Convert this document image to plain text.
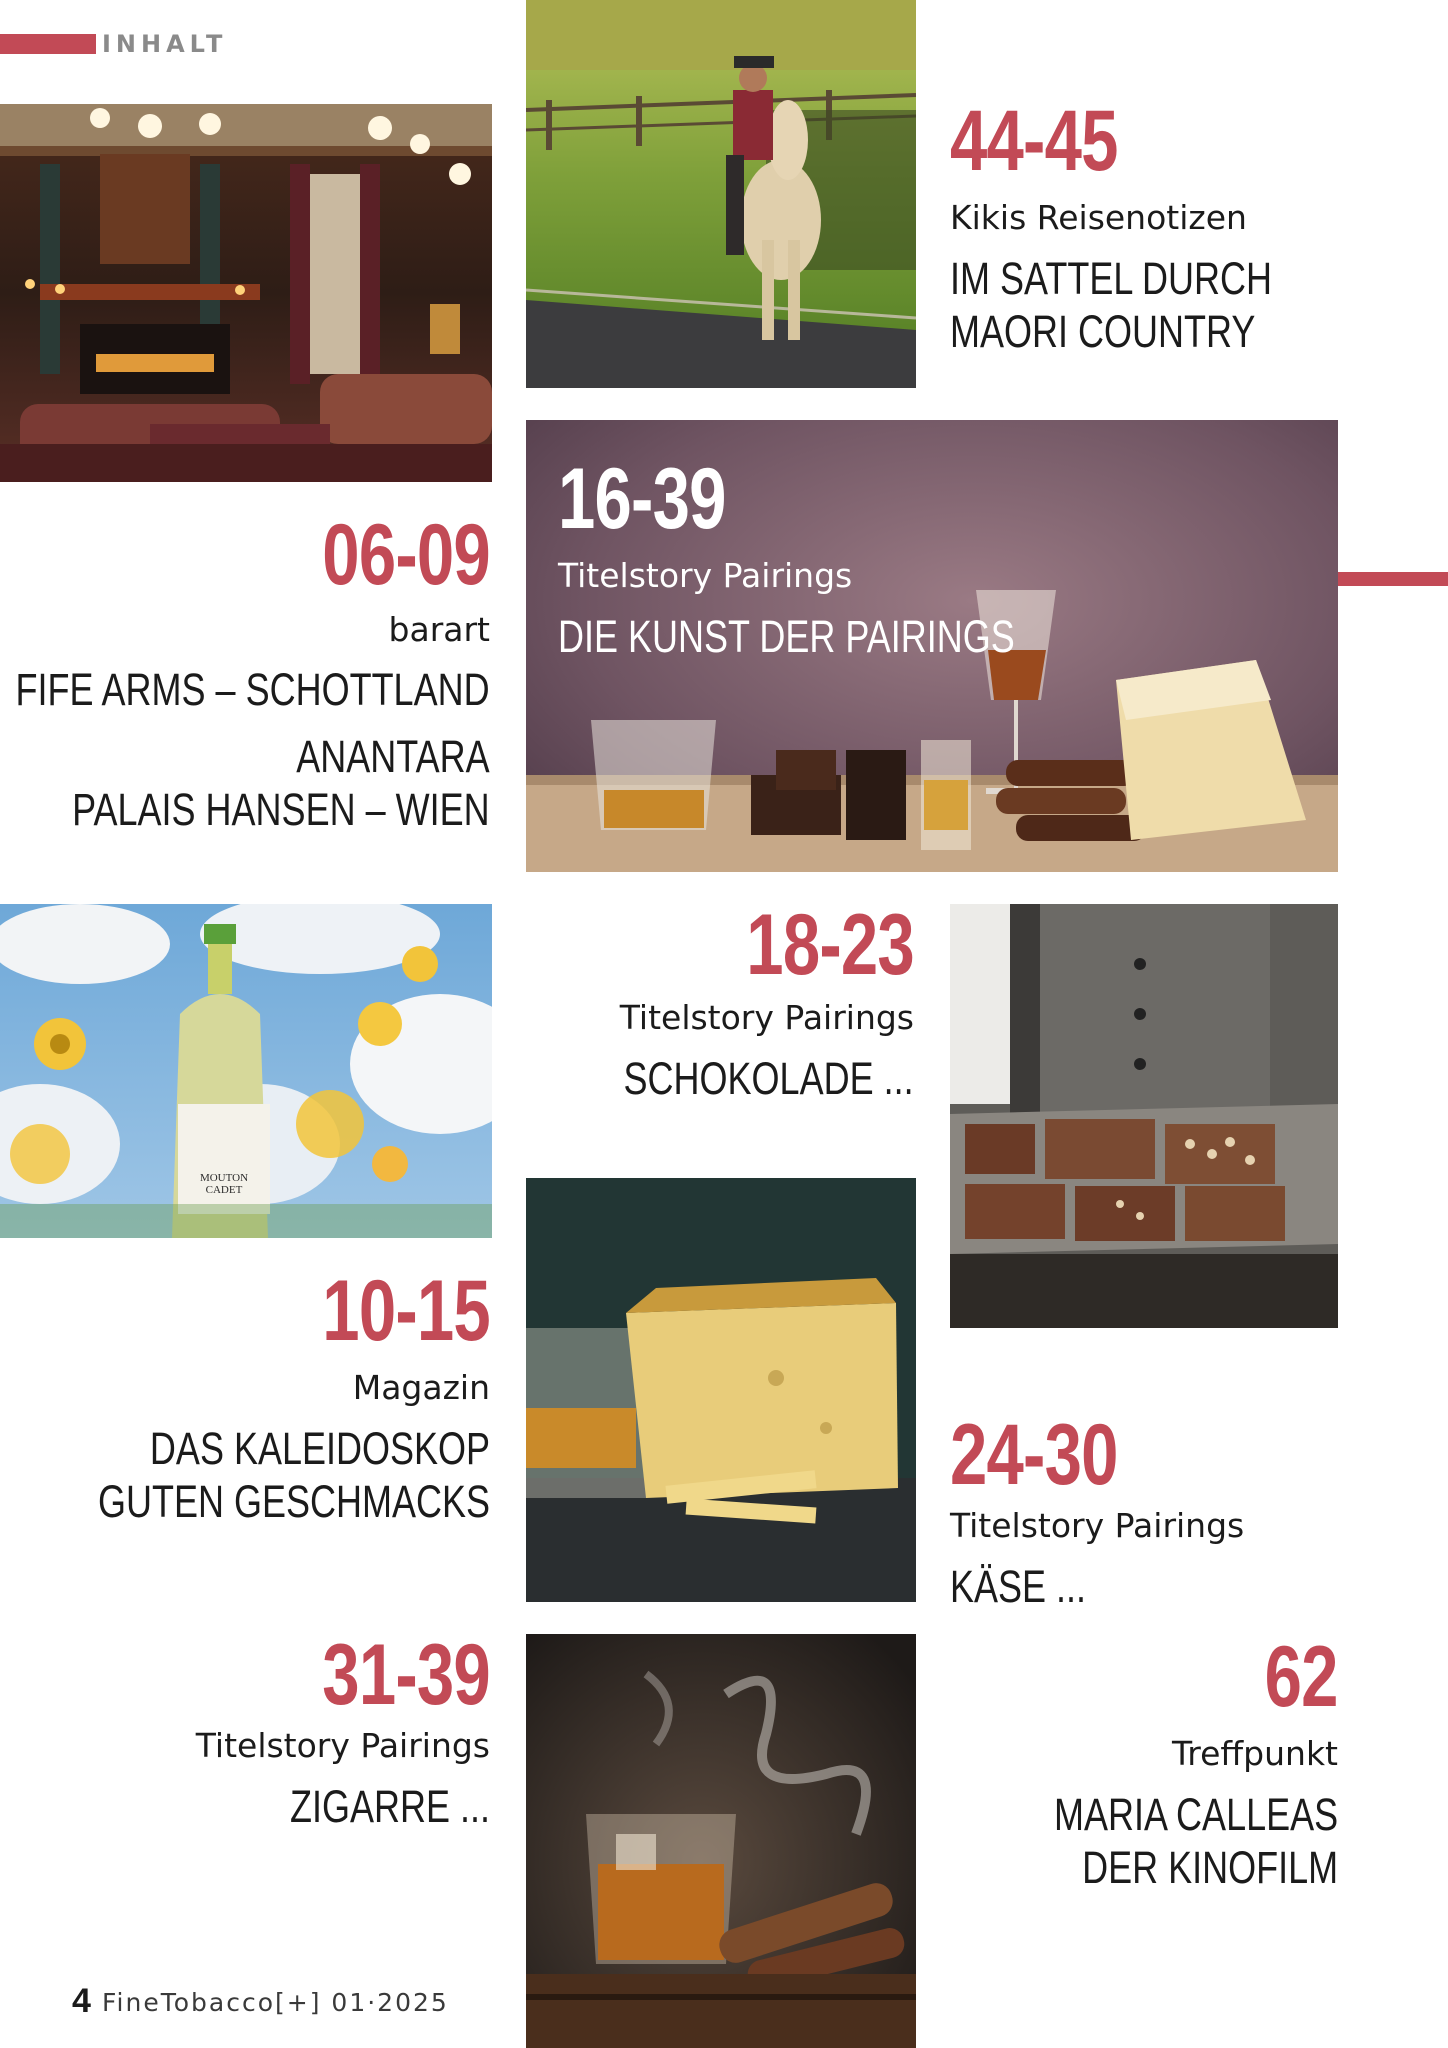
INHALT
MOUTON CADET
06-09
barart
FIFE ARMS – SCHOTTLAND
ANANTARA
PALAIS HANSEN – WIEN
44-45
Kikis Reisenotizen
IM SATTEL DURCH
MAORI COUNTRY
16-39
Titelstory Pairings
DIE KUNST DER PAIRINGS
18-23
Titelstory Pairings
SCHOKOLADE ...
10-15
Magazin
DAS KALEIDOSKOP
GUTEN GESCHMACKS	24-30
Titelstory Pairings
KÄSE ...
31-39
Titelstory Pairings
ZIGARRE ...
62
Treffpunkt
MARIA CALLEAS
DER KINOFILM
4 FineTobacco[+] 01·2025
